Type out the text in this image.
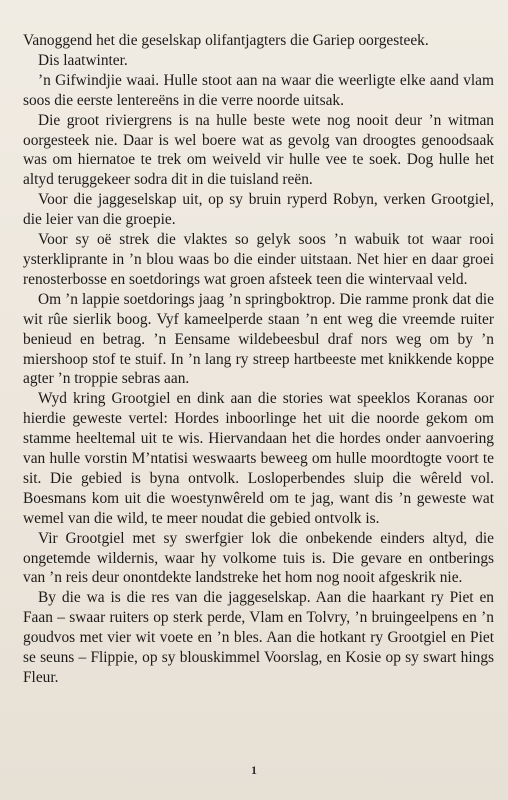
Vanoggend het die geselskap olifantjagters die Gariep oorgesteek.

Dis laatwinter.

’n Gifwindjie waai. Hulle stoot aan na waar die weerligte elke aand vlam soos die eerste lentereëns in die verre noorde uitsak.

Die groot riviergrens is na hulle beste wete nog nooit deur ’n witman oorgesteek nie. Daar is wel boere wat as gevolg van droogtes genoodsaak was om hiernatoe te trek om weiveld vir hulle vee te soek. Dog hulle het altyd teruggekeer sodra dit in die tuisland reën.

Voor die jaggeselskap uit, op sy bruin ryperd Robyn, verken Grootgiel, die leier van die groepie.

Voor sy oë strek die vlaktes so gelyk soos ’n wabuik tot waar rooi ysterkliprante in ’n blou waas bo die einder uitstaan. Net hier en daar groei renosterbosse en soetdorings wat groen afsteek teen die wintervaal veld.

Om ’n lappie soetdorings jaag ’n springboktrop. Die ramme pronk dat die wit rûe sierlik boog. Vyf kameelperde staan ’n ent weg die vreemde ruiter benieud en betrag. ’n Eensame wildebeesbul draf nors weg om by ’n miershoop stof te stuif. In ’n lang ry streep hartbeeste met knikkende koppe agter ’n troppie sebras aan.

Wyd kring Grootgiel en dink aan die stories wat speeklos Koranas oor hierdie geweste vertel: Hordes inboorlinge het uit die noorde gekom om stamme heeltemal uit te wis. Hiervandaan het die hordes onder aanvoering van hulle vorstin M’ntatisi weswaarts beweeg om hulle moordtogte voort te sit. Die gebied is byna ontvolk. Losloperbendes sluip die wêreld vol. Boesmans kom uit die woestynwêreld om te jag, want dis ’n geweste wat wemel van die wild, te meer noudat die gebied ontvolk is.

Vir Grootgiel met sy swerfgier lok die onbekende einders altyd, die ongetemde wildernis, waar hy volkome tuis is. Die gevare en ontberings van ’n reis deur onontdekte landstreke het hom nog nooit afgeskrik nie.

By die wa is die res van die jaggeselskap. Aan die haarkant ry Piet en Faan – swaar ruiters op sterk perde, Vlam en Tolvry, ’n bruingeelpens en ’n goudvos met vier wit voete en ’n bles. Aan die hotkant ry Grootgiel en Piet se seuns – Flippie, op sy blouskimmel Voorslag, en Kosie op sy swart hings Fleur.

1
